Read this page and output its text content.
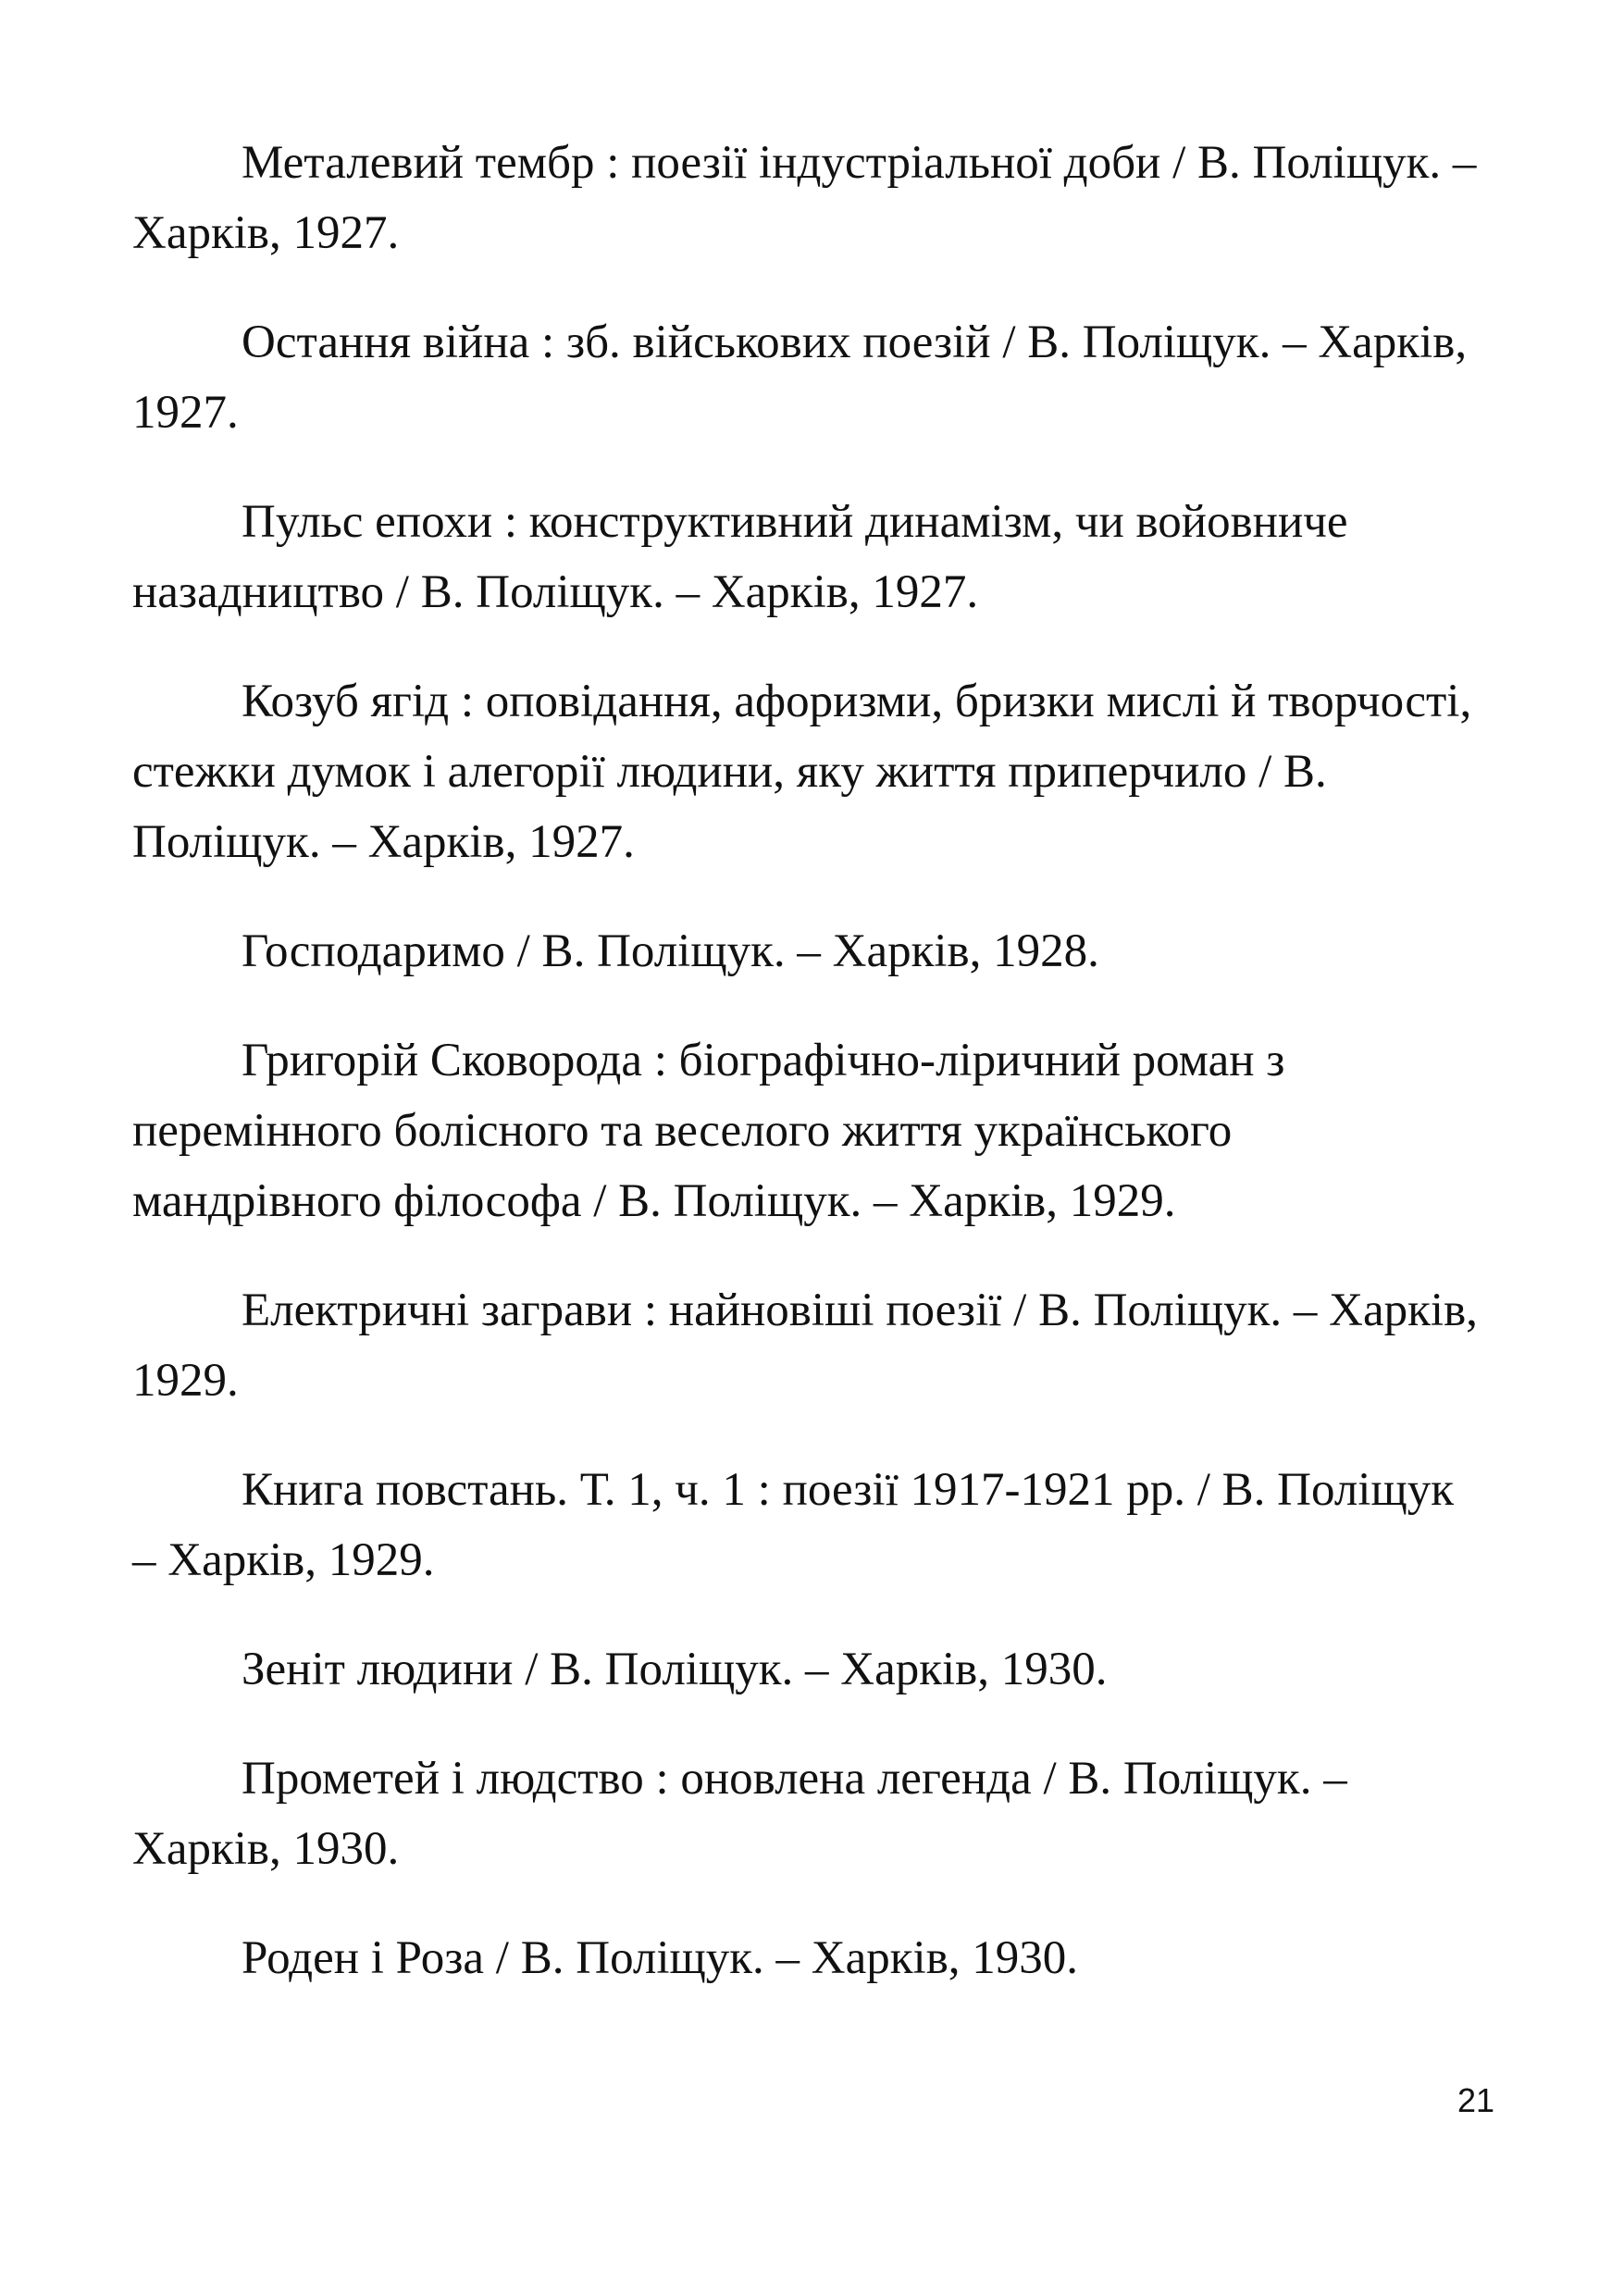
Металевий тембр : поезії індустріальної доби / В. Поліщук. – Харків, 1927.
Остання війна : зб. військових поезій / В. Поліщук. – Харків, 1927.
Пульс епохи : конструктивний динамізм, чи войовниче назадництво / В. Поліщук. – Харків, 1927.
Козуб ягід : оповідання, афоризми, бризки мислі й творчості, стежки думок і алегорії людини, яку життя приперчило / В. Поліщук. – Харків, 1927.
Господаримо / В. Поліщук. – Харків, 1928.
Григорій Сковорода : біографічно-ліричний роман з перемінного болісного та веселого життя українського мандрівного філософа / В. Поліщук. – Харків, 1929.
Електричні заграви : найновіші поезії / В. Поліщук. – Харків, 1929.
Книга повстань. Т. 1, ч. 1 : поезії 1917-1921 рр. / В. Поліщук – Харків, 1929.
Зеніт людини / В. Поліщук. – Харків, 1930.
Прометей і людство : оновлена легенда / В. Поліщук. – Харків, 1930.
Роден і Роза / В. Поліщук. – Харків, 1930.
21
